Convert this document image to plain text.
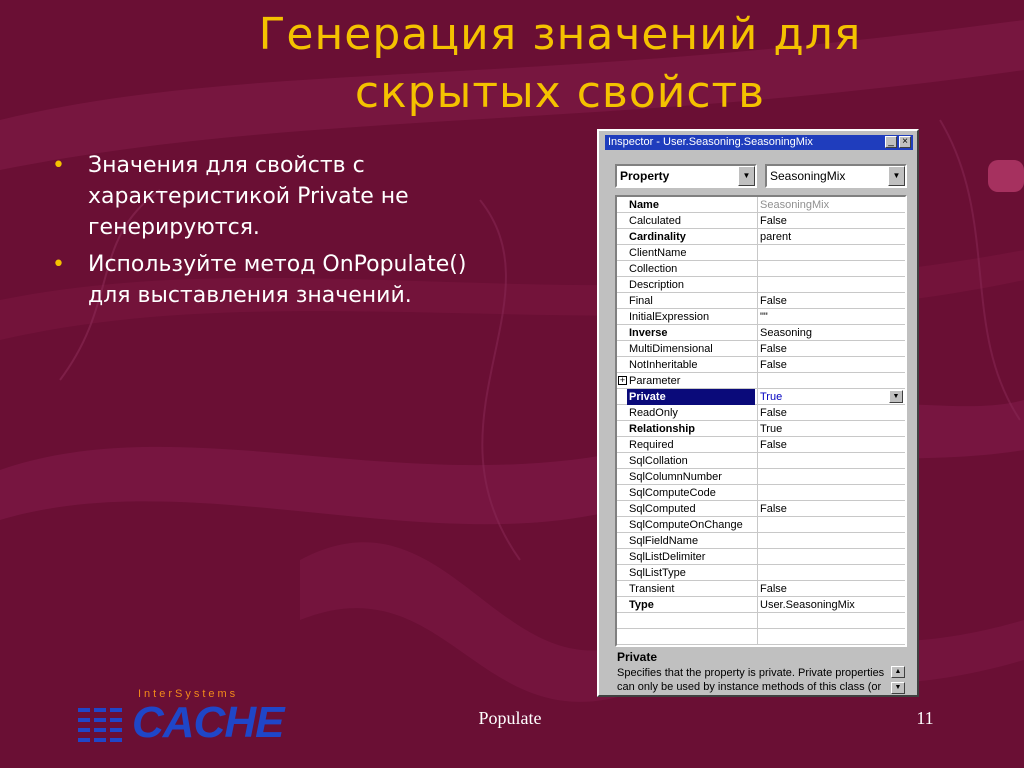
Генерация значений для
скрытых свойств
•	Значения для свойств с характеристикой Private не генерируются.
•	Используйте метод OnPopulate() для выставления значений.
Inspector - User.Seasoning.SeasoningMix	_ ×
Property	▼	SeasoningMix	▼
Name	SeasoningMix
Calculated	False
Cardinality	parent
ClientName
Collection
Description
Final	False
InitialExpression	""
Inverse	Seasoning
MultiDimensional	False
NotInheritable	False
+ Parameter
Private	True	▼
ReadOnly	False
Relationship	True
Required	False
SqlCollation
SqlColumnNumber
SqlComputeCode
SqlComputed	False
SqlComputeOnChange
SqlFieldName
SqlListDelimiter
SqlListType
Transient	False
Type	User.SeasoningMix
Private
Specifies that the property is private. Private properties can only be used by instance methods of this class (or
▲
▼
InterSystems
CACHE	Populate	11
